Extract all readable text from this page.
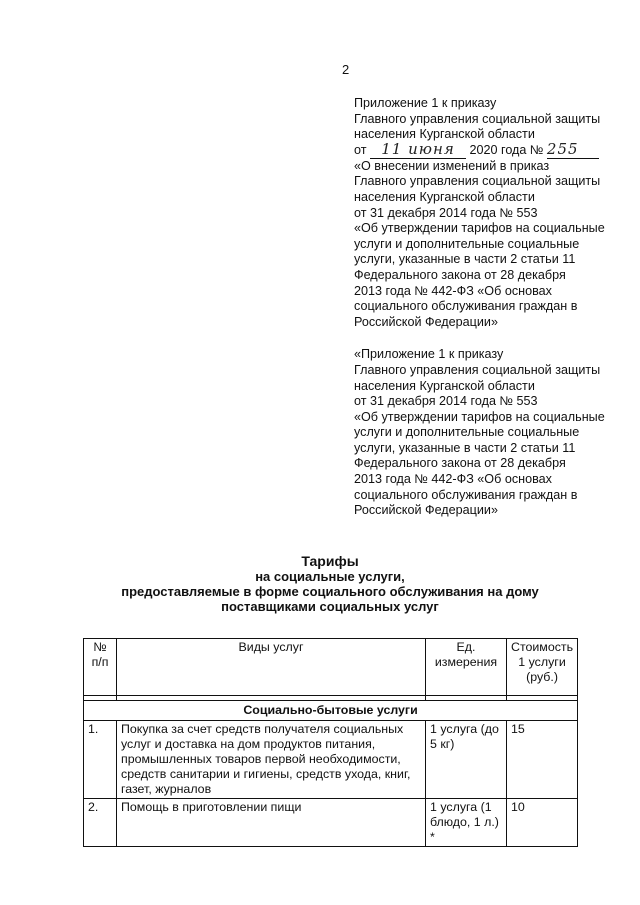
2
Приложение 1 к приказу
Главного управления социальной защиты
населения Курганской области
от 11 июня 2020 года № 255
«О внесении изменений в приказ
Главного управления социальной защиты
населения Курганской области
от 31 декабря 2014 года № 553
«Об утверждении тарифов на социальные
услуги и дополнительные социальные
услуги, указанные в части 2 статьи 11
Федерального закона от 28 декабря
2013 года № 442-ФЗ «Об основах
социального обслуживания граждан в
Российской Федерации»
«Приложение 1 к приказу
Главного управления социальной защиты
населения Курганской области
от 31 декабря 2014 года № 553
«Об утверждении тарифов на социальные
услуги и дополнительные социальные
услуги, указанные в части 2 статьи 11
Федерального закона от 28 декабря
2013 года № 442-ФЗ «Об основах
социального обслуживания граждан в
Российской Федерации»
Тарифы
на социальные услуги,
предоставляемые в форме социального обслуживания на дому
поставщиками социальных услуг
№ п/п	Виды услуг	Ед. измерения	Стоимость 1 услуги (руб.)

Социально-бытовые услуги			
1.	Покупка за счет средств получателя социальных услуг и доставка на дом продуктов питания, промышленных товаров первой необходимости, средств санитарии и гигиены, средств ухода, книг, газет, журналов	1 услуга (до 5 кг)	15
2.	Помощь в приготовлении пищи	1 услуга (1 блюдо, 1 л.) *	10
